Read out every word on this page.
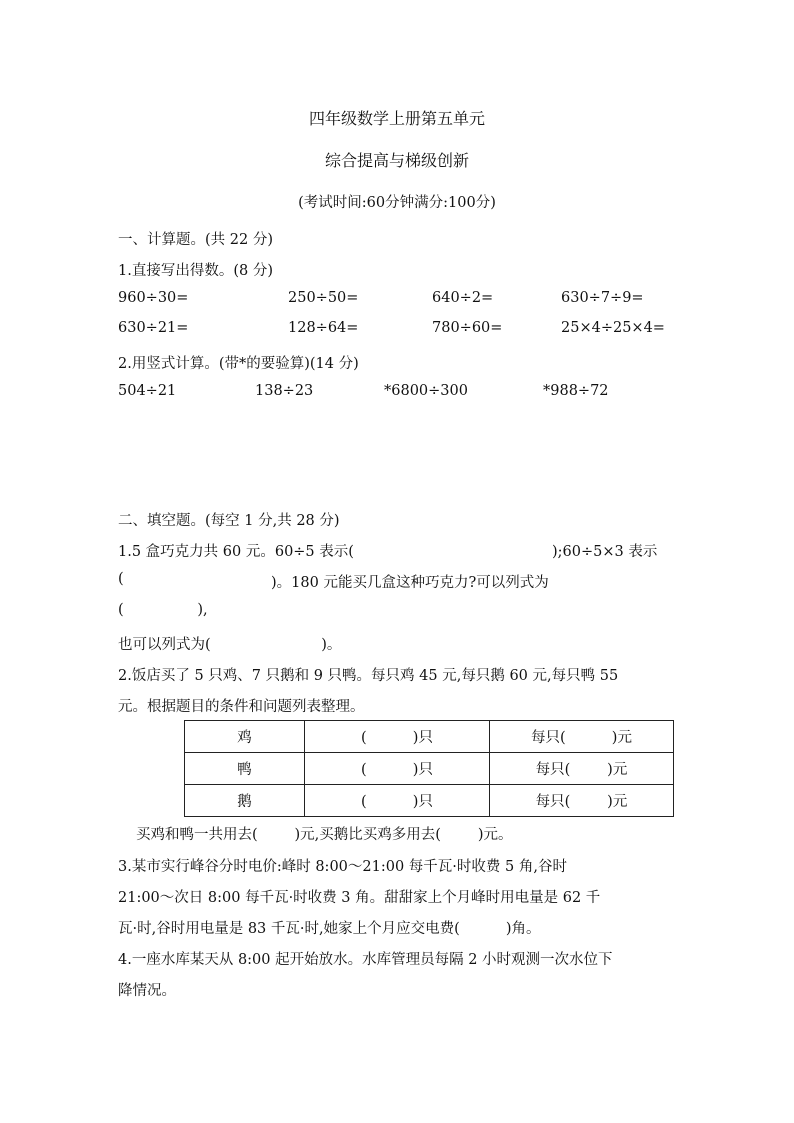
四年级数学上册第五单元
综合提高与梯级创新
(考试时间:60分钟满分:100分)
一、计算题。(共 22 分)
1.直接写出得数。(8 分)
960÷30=	250÷50=	640÷2=	630÷7÷9=
630÷21=	128÷64=	780÷60=	25×4÷25×4=
2.用竖式计算。(带*的要验算)(14 分)
504÷21	138÷23	*6800÷300	*988÷72
二、填空题。(每空 1 分,共 28 分)
1.5 盒巧克力共 60 元。60÷5 表示(	);60÷5×3 表示
(	)。180 元能买几盒这种巧克力?可以列式为
(                ),
也可以列式为(                        )。
2.饭店买了 5 只鸡、7 只鹅和 9 只鸭。每只鸡 45 元,每只鹅 60 元,每只鸭 55
元。根据题目的条件和问题列表整理。
鸡	(          )只	每只(          )元
鸭	(          )只	每只(        )元
鹅	(          )只	每只(        )元
买鸡和鸭一共用去(        )元,买鹅比买鸡多用去(        )元。
3.某市实行峰谷分时电价:峰时 8:00～21:00 每千瓦·时收费 5 角,谷时
21:00～次日 8:00 每千瓦·时收费 3 角。甜甜家上个月峰时用电量是 62 千
瓦·时,谷时用电量是 83 千瓦·时,她家上个月应交电费(          )角。
4.一座水库某天从 8:00 起开始放水。水库管理员每隔 2 小时观测一次水位下
降情况。
